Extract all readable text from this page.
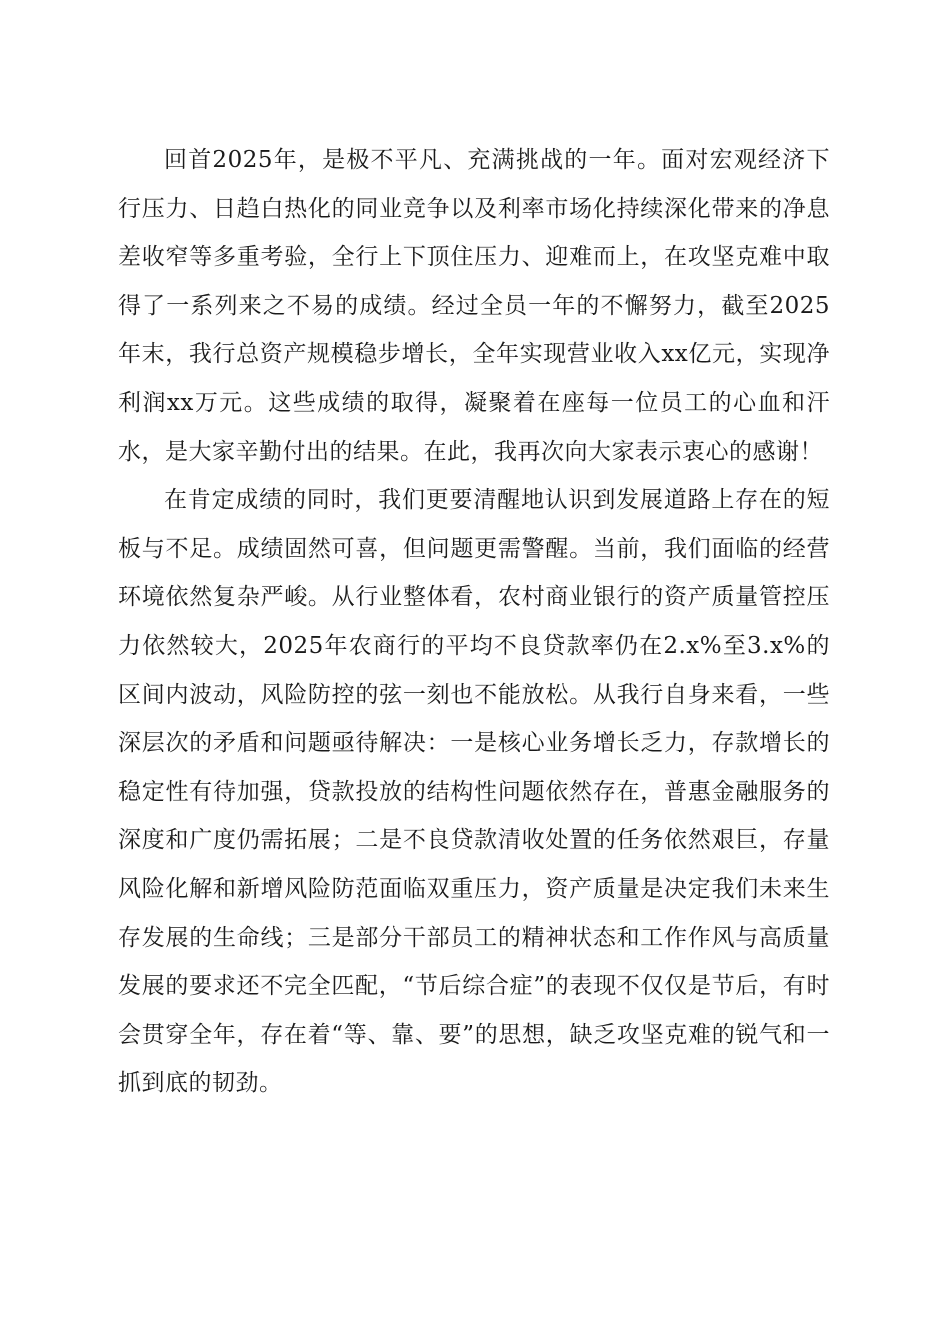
回首2025年，是极不平凡、充满挑战的一年。面对宏观经济下行压力、日趋白热化的同业竞争以及利率市场化持续深化带来的净息差收窄等多重考验，全行上下顶住压力、迎难而上，在攻坚克难中取得了一系列来之不易的成绩。经过全员一年的不懈努力，截至2025年末，我行总资产规模稳步增长，全年实现营业收入xx亿元，实现净利润xx万元。这些成绩的取得，凝聚着在座每一位员工的心血和汗水，是大家辛勤付出的结果。在此，我再次向大家表示衷心的感谢！

在肯定成绩的同时，我们更要清醒地认识到发展道路上存在的短板与不足。成绩固然可喜，但问题更需警醒。当前，我们面临的经营环境依然复杂严峻。从行业整体看，农村商业银行的资产质量管控压力依然较大，2025年农商行的平均不良贷款率仍在2.x%至3.x%的区间内波动，风险防控的弦一刻也不能放松。从我行自身来看，一些深层次的矛盾和问题亟待解决：一是核心业务增长乏力，存款增长的稳定性有待加强，贷款投放的结构性问题依然存在，普惠金融服务的深度和广度仍需拓展；二是不良贷款清收处置的任务依然艰巨，存量风险化解和新增风险防范面临双重压力，资产质量是决定我们未来生存发展的生命线；三是部分干部员工的精神状态和工作作风与高质量发展的要求还不完全匹配，“节后综合症”的表现不仅仅是节后，有时会贯穿全年，存在着“等、靠、要”的思想，缺乏攻坚克难的锐气和一抓到底的韧劲。
